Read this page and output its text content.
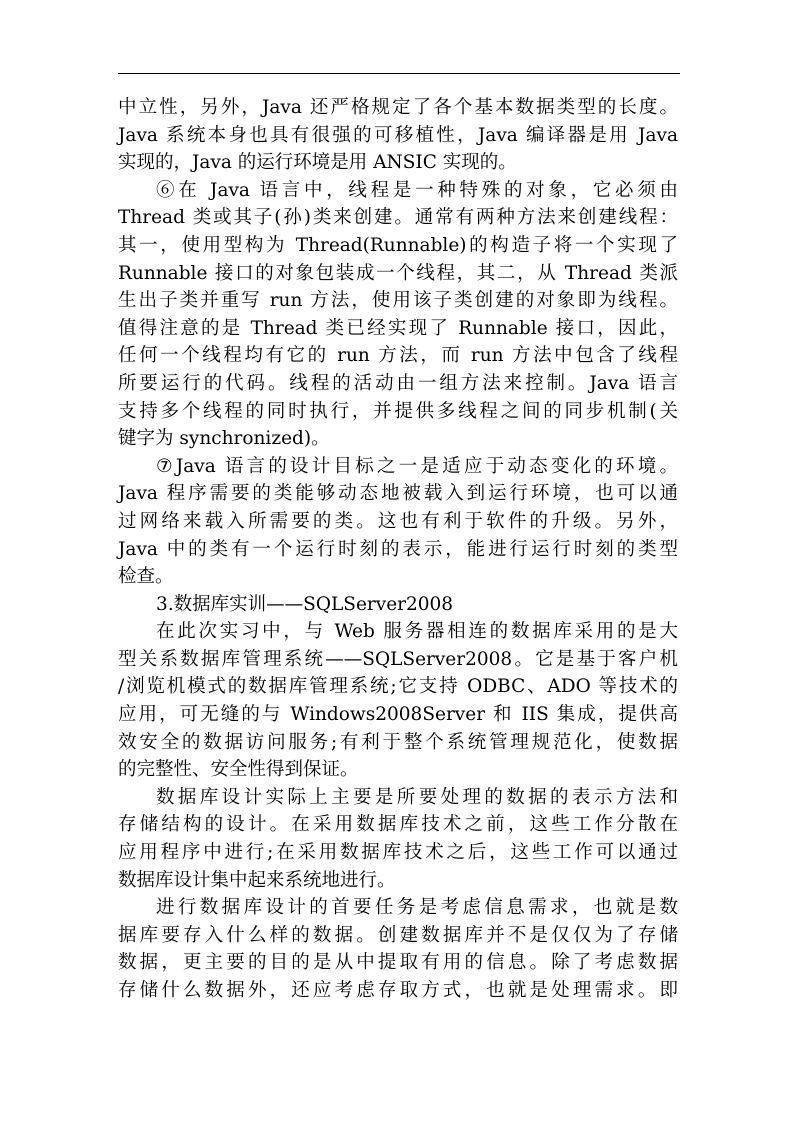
中立性，另外，Java 还严格规定了各个基本数据类型的长度。
Java 系统本身也具有很强的可移植性，Java 编译器是用 Java
实现的，Java 的运行环境是用 ANSIC 实现的。
⑥在 Java 语言中，线程是一种特殊的对象，它必须由
Thread 类或其子(孙)类来创建。通常有两种方法来创建线程：
其一，使用型构为 Thread(Runnable)的构造子将一个实现了
Runnable 接口的对象包装成一个线程，其二，从 Thread 类派
生出子类并重写 run 方法，使用该子类创建的对象即为线程。
值得注意的是 Thread 类已经实现了 Runnable 接口，因此，
任何一个线程均有它的 run 方法，而 run 方法中包含了线程
所要运行的代码。线程的活动由一组方法来控制。Java 语言
支持多个线程的同时执行，并提供多线程之间的同步机制(关
键字为 synchronized)。
⑦Java 语言的设计目标之一是适应于动态变化的环境。
Java 程序需要的类能够动态地被载入到运行环境，也可以通
过网络来载入所需要的类。这也有利于软件的升级。另外，
Java 中的类有一个运行时刻的表示，能进行运行时刻的类型
检查。
3.数据库实训——SQLServer2008
在此次实习中，与 Web 服务器相连的数据库采用的是大
型关系数据库管理系统——SQLServer2008。它是基于客户机
/浏览机模式的数据库管理系统;它支持 ODBC、ADO 等技术的
应用，可无缝的与 Windows2008Server 和 IIS 集成，提供高
效安全的数据访问服务;有利于整个系统管理规范化，使数据
的完整性、安全性得到保证。
数据库设计实际上主要是所要处理的数据的表示方法和
存储结构的设计。在采用数据库技术之前，这些工作分散在
应用程序中进行;在采用数据库技术之后，这些工作可以通过
数据库设计集中起来系统地进行。
进行数据库设计的首要任务是考虑信息需求，也就是数
据库要存入什么样的数据。创建数据库并不是仅仅为了存储
数据，更主要的目的是从中提取有用的信息。除了考虑数据
存储什么数据外，还应考虑存取方式，也就是处理需求。即
